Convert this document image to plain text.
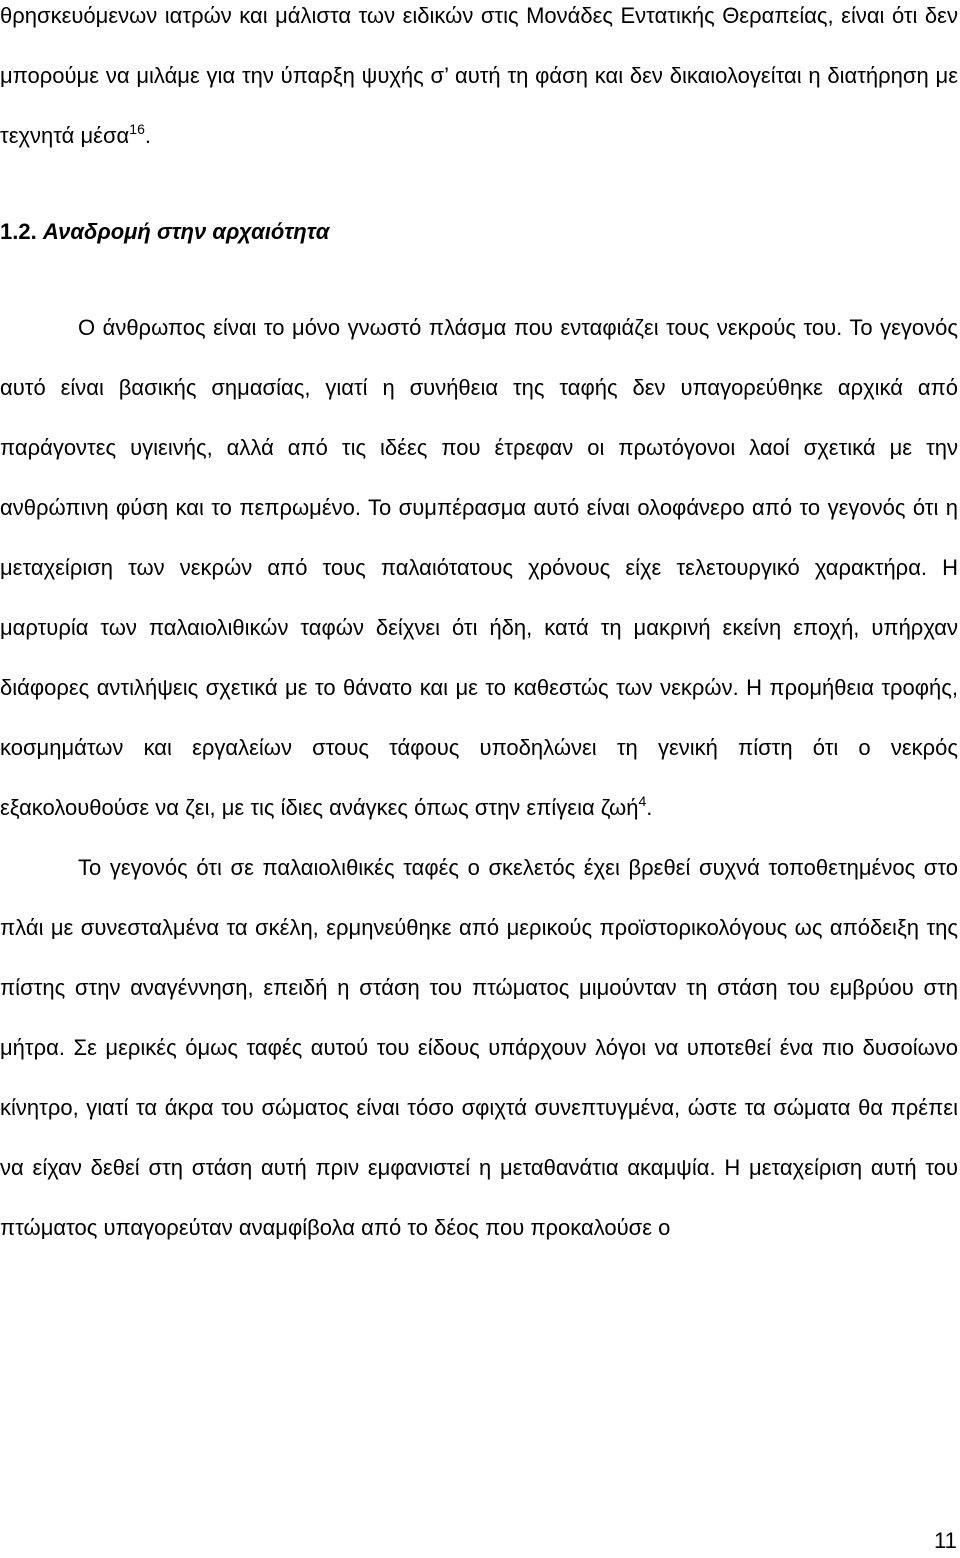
θρησκευόμενων ιατρών και μάλιστα των ειδικών στις Μονάδες Εντατικής Θεραπείας, είναι ότι δεν μπορούμε να μιλάμε για την ύπαρξη ψυχής σ’ αυτή τη φάση και δεν δικαιολογείται η διατήρηση με τεχνητά μέσα$^{16}$.

1.2. Αναδρομή στην αρχαιότητα

Ο άνθρωπος είναι το μόνο γνωστό πλάσμα που ενταφιάζει τους νεκρούς του. Το γεγονός αυτό είναι βασικής σημασίας, γιατί η συνήθεια της ταφής δεν υπαγορεύθηκε αρχικά από παράγοντες υγιεινής, αλλά από τις ιδέες που έτρεφαν οι πρωτόγονοι λαοί σχετικά με την ανθρώπινη φύση και το πεπρωμένο. Το συμπέρασμα αυτό είναι ολοφάνερο από το γεγονός ότι η μεταχείριση των νεκρών από τους παλαιότατους χρόνους είχε τελετουργικό χαρακτήρα. Η μαρτυρία των παλαιολιθικών ταφών δείχνει ότι ήδη, κατά τη μακρινή εκείνη εποχή, υπήρχαν διάφορες αντιλήψεις σχετικά με το θάνατο και με το καθεστώς των νεκρών. Η προμήθεια τροφής, κοσμημάτων και εργαλείων στους τάφους υποδηλώνει τη γενική πίστη ότι ο νεκρός εξακολουθούσε να ζει, με τις ίδιες ανάγκες όπως στην επίγεια ζωή$^4$.

Το γεγονός ότι σε παλαιολιθικές ταφές ο σκελετός έχει βρεθεί συχνά τοποθετημένος στο πλάι με συνεσταλμένα τα σκέλη, ερμηνεύθηκε από μερικούς προϊστορικολόγους ως απόδειξη της πίστης στην αναγέννηση, επειδή η στάση του πτώματος μιμούνταν τη στάση του εμβρύου στη μήτρα. Σε μερικές όμως ταφές αυτού του είδους υπάρχουν λόγοι να υποτεθεί ένα πιο δυσοίωνο κίνητρο, γιατί τα άκρα του σώματος είναι τόσο σφιχτά συνεπτυγμένα, ώστε τα σώματα θα πρέπει να είχαν δεθεί στη στάση αυτή πριν εμφανιστεί η μεταθανάτια ακαμψία. Η μεταχείριση αυτή του πτώματος υπαγορεύταν αναμφίβολα από το δέος που προκαλούσε ο

11
